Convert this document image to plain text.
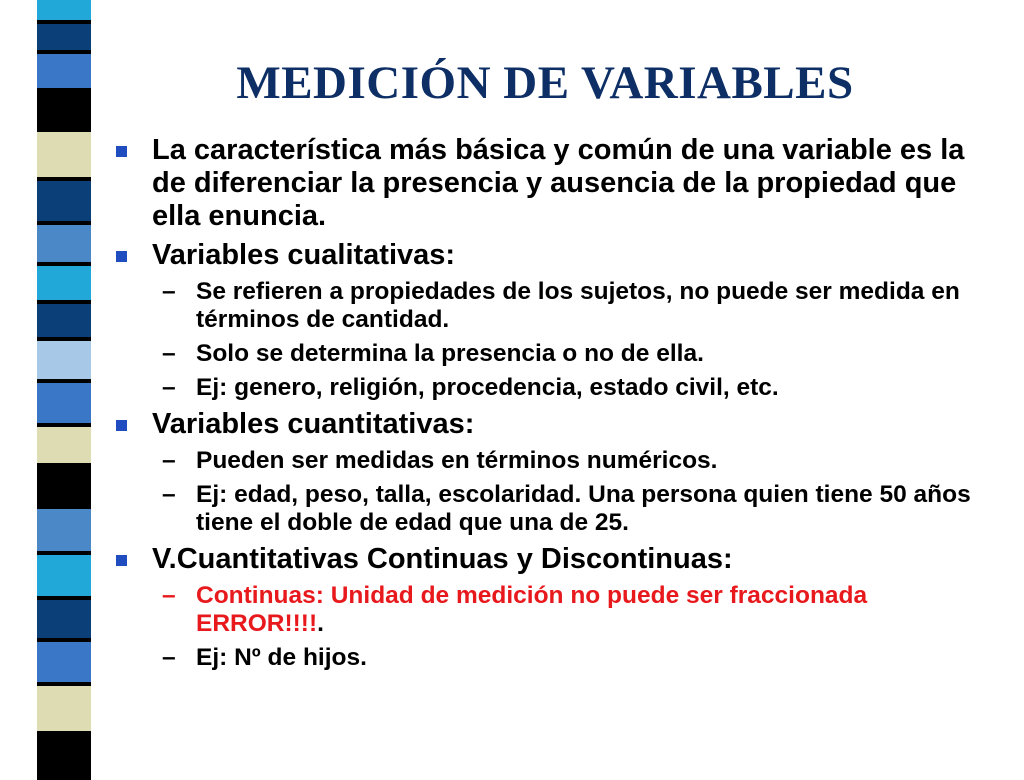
MEDICIÓN DE VARIABLES
La característica más básica y común de una variable es la de diferenciar la presencia y ausencia de la propiedad que ella enuncia.
Variables cualitativas:
– Se refieren a propiedades de los sujetos, no puede ser medida en términos de cantidad.
– Solo se determina la presencia o no de ella.
– Ej: genero, religión, procedencia, estado civil, etc.
Variables cuantitativas:
– Pueden ser medidas en términos numéricos.
– Ej: edad, peso, talla, escolaridad. Una persona quien tiene 50 años tiene el doble de edad que una de 25.
V.Cuantitativas Continuas y Discontinuas:
– Continuas: Unidad de medición no puede ser fraccionada ERROR!!!!.
– Ej: Nº de hijos.
